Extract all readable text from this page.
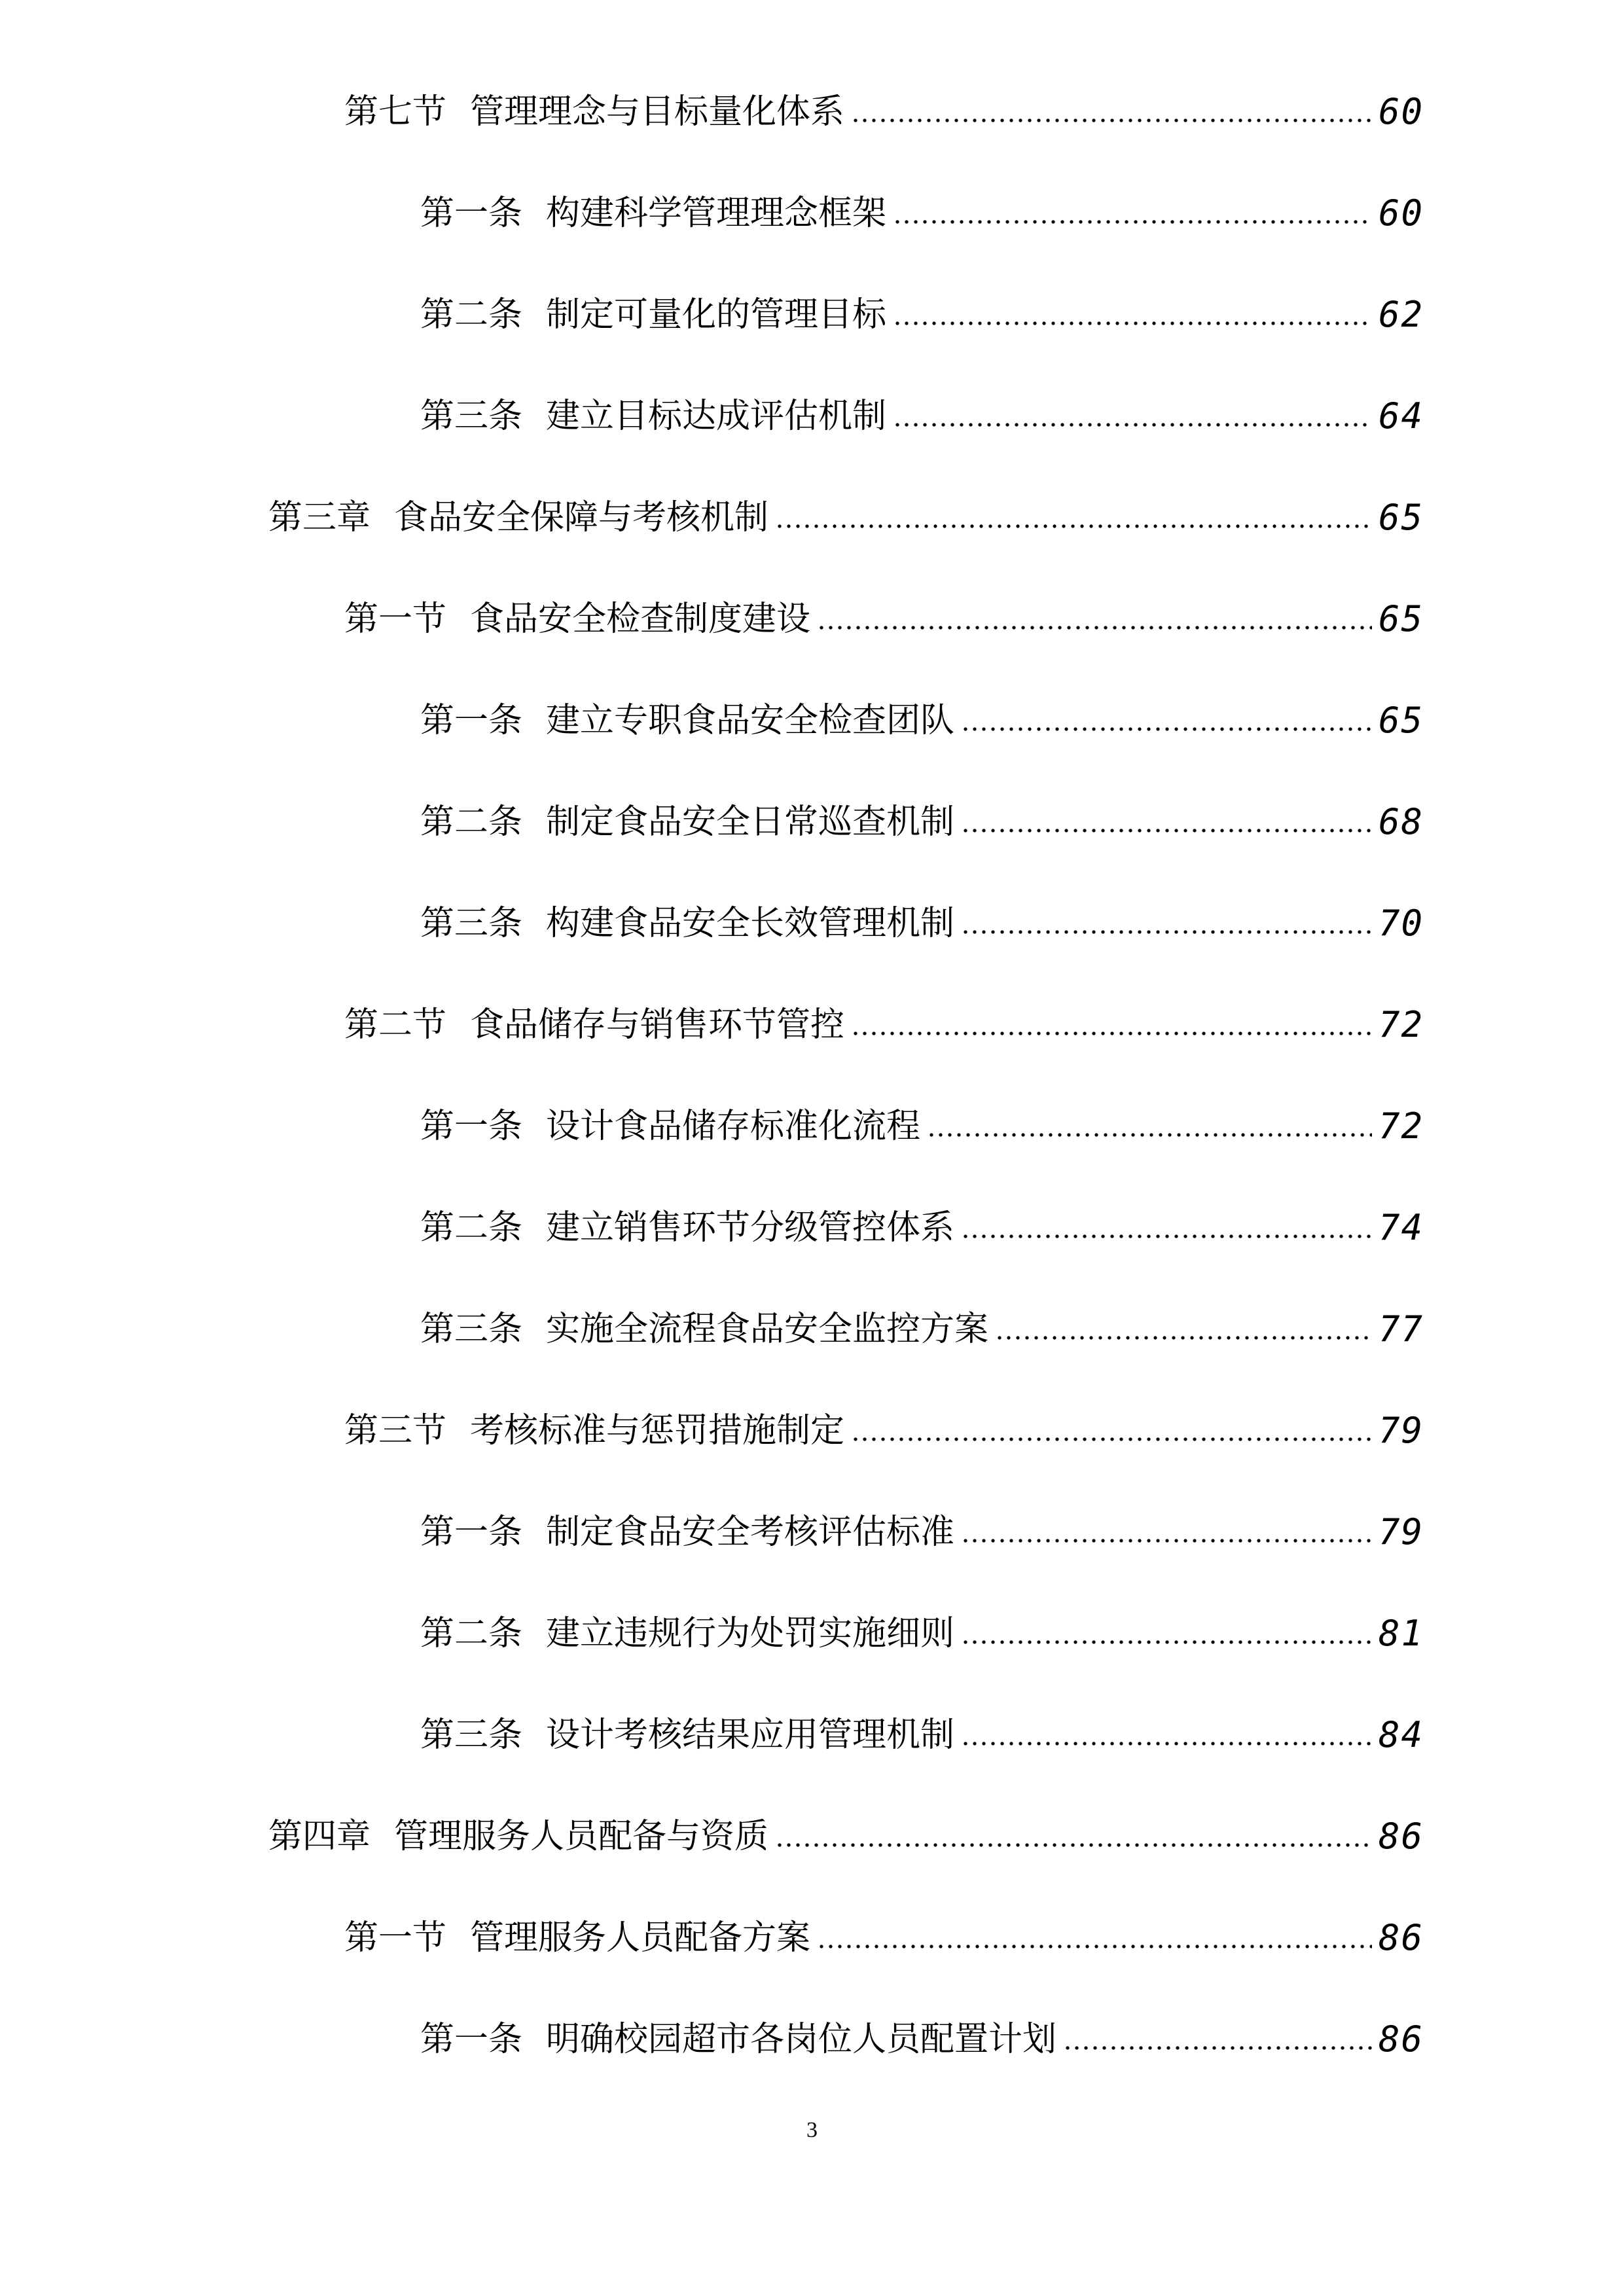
第七节 管理理念与目标量化体系	60
第一条 构建科学管理理念框架	60
第二条 制定可量化的管理目标	62
第三条 建立目标达成评估机制	64
第三章 食品安全保障与考核机制	65
第一节 食品安全检查制度建设	65
第一条 建立专职食品安全检查团队	65
第二条 制定食品安全日常巡查机制	68
第三条 构建食品安全长效管理机制	70
第二节 食品储存与销售环节管控	72
第一条 设计食品储存标准化流程	72
第二条 建立销售环节分级管控体系	74
第三条 实施全流程食品安全监控方案	77
第三节 考核标准与惩罚措施制定	79
第一条 制定食品安全考核评估标准	79
第二条 建立违规行为处罚实施细则	81
第三条 设计考核结果应用管理机制	84
第四章 管理服务人员配备与资质	86
第一节 管理服务人员配备方案	86
第一条 明确校园超市各岗位人员配置计划	86
3
